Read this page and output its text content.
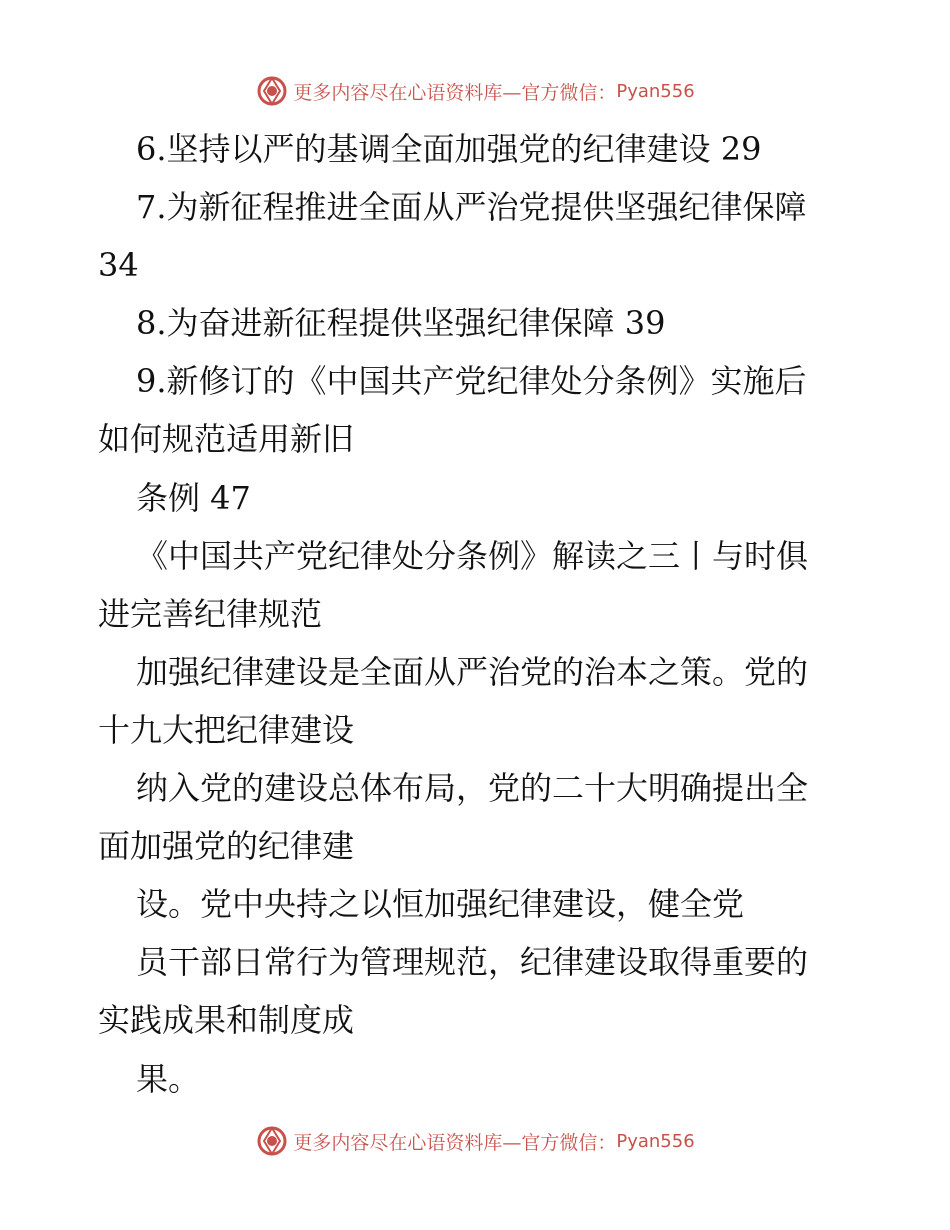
更多内容尽在心语资料库—官方微信： Pyan556

6.坚持以严的基调全面加强党的纪律建设 29

7.为新征程推进全面从严治党提供坚强纪律保障

34

8.为奋进新征程提供坚强纪律保障 39

9.新修订的《中国共产党纪律处分条例》实施后

如何规范适用新旧

条例 47

《中国共产党纪律处分条例》解读之三丨与时俱

进完善纪律规范

加强纪律建设是全面从严治党的治本之策。党的

十九大把纪律建设

纳入党的建设总体布局，党的二十大明确提出全

面加强党的纪律建

设。党中央持之以恒加强纪律建设，健全党

员干部日常行为管理规范，纪律建设取得重要的

实践成果和制度成

果。

更多内容尽在心语资料库—官方微信： Pyan556
